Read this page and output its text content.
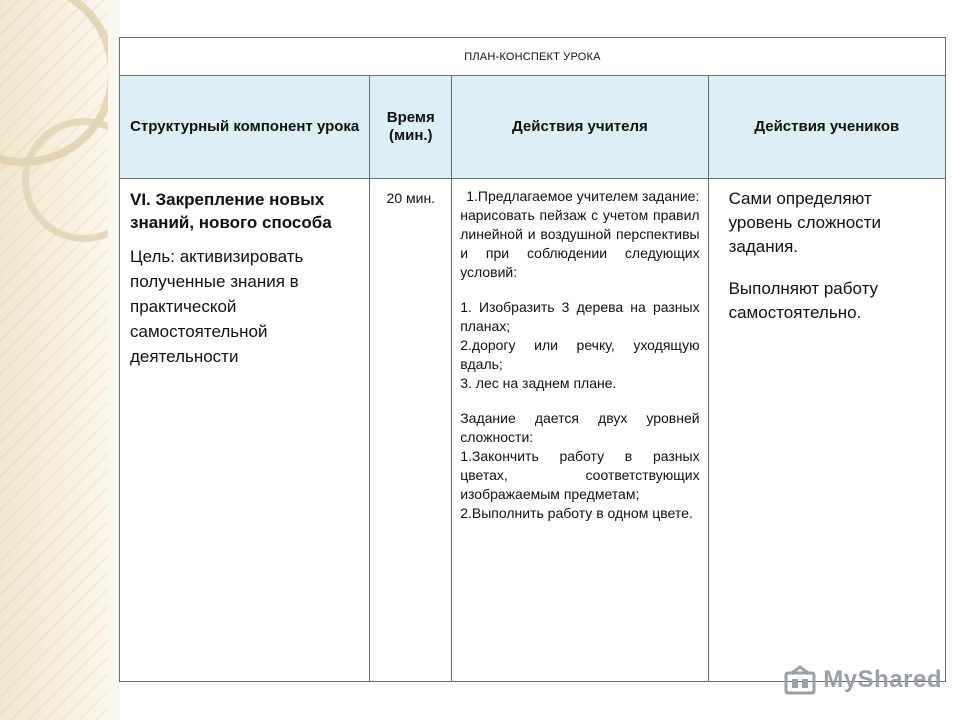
ПЛАН-КОНСПЕКТ УРОКА
Структурный компонент урока
Время (мин.)
Действия учителя	Действия учеников
VI. Закрепление новых знаний, нового способа
Цель: активизировать полученные знания в практической самостоятельной деятельности
20 мин.	1.Предлагаемое учителем задание:

нарисовать пейзаж с учетом правил линейной и воздушной перспективы и при соблюдении следующих условий:

1. Изобразить 3 дерева на разных планах;

2.дорогу или речку, уходящую вдаль;

3. лес на заднем плане.

Задание дается двух уровней сложности:

1.Закончить работу в разных цветах, соответствующих изображаемым предметам;

2.Выполнить работу в одном цвете.

Сами определяют уровень сложности задания.
Выполняют работу самостоятельно.
MyShared
